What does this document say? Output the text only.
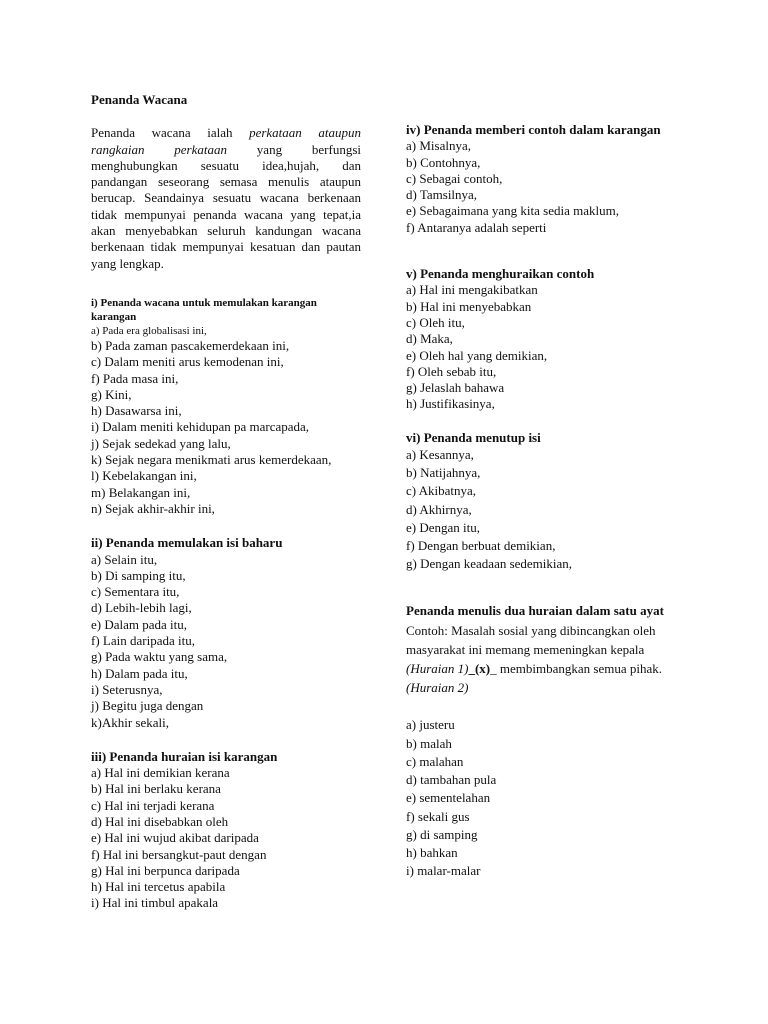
Penanda Wacana
Penanda wacana ialah perkataan ataupun rangkaian perkataan yang berfungsi menghubungkan sesuatu idea,hujah, dan pandangan seseorang semasa menulis ataupun berucap. Seandainya sesuatu wacana berkenaan tidak mempunyai penanda wacana yang tepat,ia akan menyebabkan seluruh kandungan wacana berkenaan tidak mempunyai kesatuan dan pautan yang lengkap.
i) Penanda wacana untuk memulakan karangan karangan
a) Pada era globalisasi ini,
b) Pada zaman pascakemerdekaan ini,
c) Dalam meniti arus kemodenan ini,
f) Pada masa ini,
g) Kini,
h) Dasawarsa ini,
i) Dalam meniti kehidupan pa marcapada,
j) Sejak sedekad yang lalu,
k) Sejak negara menikmati arus kemerdekaan,
l) Kebelakangan ini,
m) Belakangan ini,
n) Sejak akhir-akhir ini,
ii) Penanda memulakan isi baharu
a) Selain itu,
b) Di samping itu,
c) Sementara itu,
d) Lebih-lebih lagi,
e) Dalam pada itu,
f) Lain daripada itu,
g) Pada waktu yang sama,
h) Dalam pada itu,
i) Seterusnya,
j) Begitu juga dengan
k)Akhir sekali,
iii) Penanda huraian isi karangan
a) Hal ini demikian kerana
b) Hal ini berlaku kerana
c) Hal ini terjadi kerana
d) Hal ini disebabkan oleh
e) Hal ini wujud akibat daripada
f) Hal ini bersangkut-paut dengan
g) Hal ini berpunca daripada
h) Hal ini tercetus apabila
i) Hal ini timbul apakala
iv) Penanda memberi contoh dalam karangan
a) Misalnya,
b) Contohnya,
c) Sebagai contoh,
d) Tamsilnya,
e) Sebagaimana yang kita sedia maklum,
f) Antaranya adalah seperti
v) Penanda menghuraikan contoh
a) Hal ini mengakibatkan
b) Hal ini menyebabkan
c) Oleh itu,
d) Maka,
e) Oleh hal yang demikian,
f) Oleh sebab itu,
g) Jelaslah bahawa
h) Justifikasinya,
vi) Penanda menutup isi
a) Kesannya,
b) Natijahnya,
c) Akibatnya,
d) Akhirnya,
e) Dengan itu,
f) Dengan berbuat demikian,
g) Dengan keadaan sedemikian,
Penanda menulis dua huraian dalam satu ayat
Contoh: Masalah sosial yang dibincangkan oleh masyarakat ini memang memeningkan kepala (Huraian 1)_(x)_ membimbangkan semua pihak. (Huraian 2)
a) justeru
b) malah
c) malahan
d) tambahan pula
e) sementelahan
f) sekali gus
g) di samping
h) bahkan
i) malar-malar
